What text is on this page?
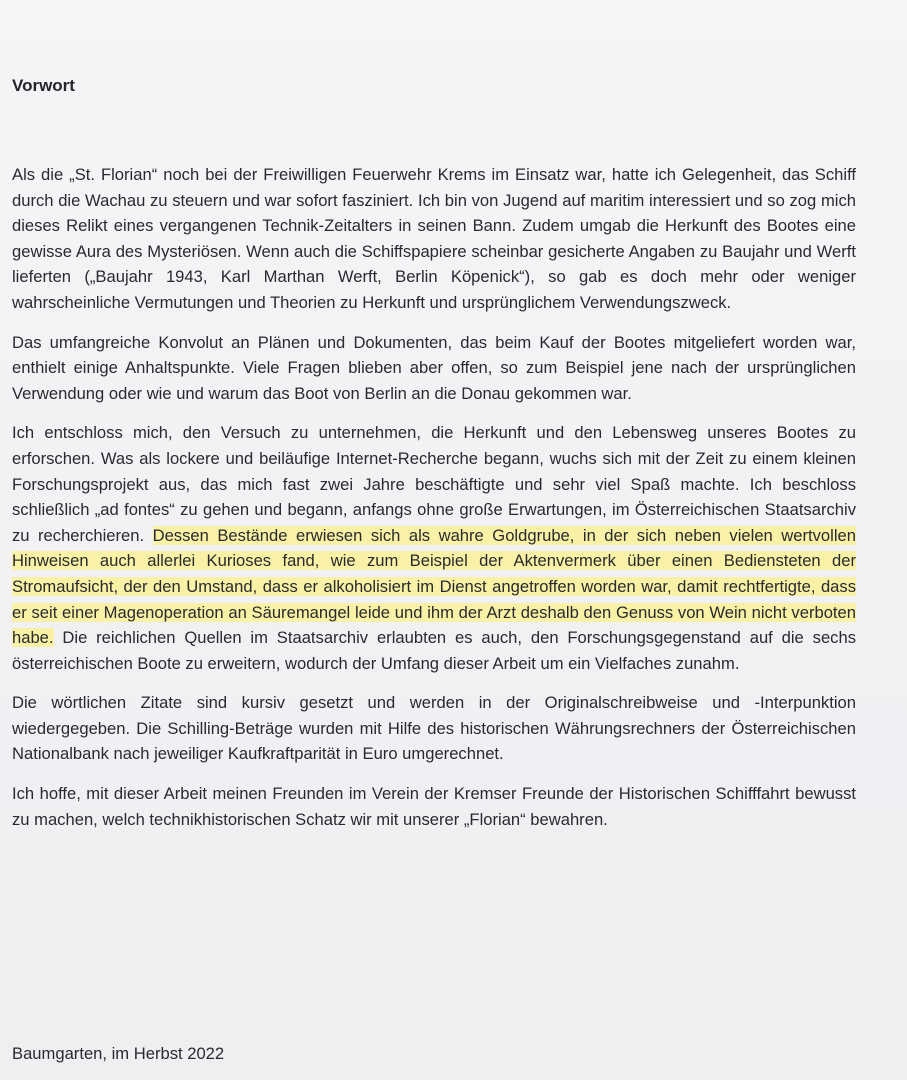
Vorwort

Als die „St. Florian“ noch bei der Freiwilligen Feuerwehr Krems im Einsatz war, hatte ich Gelegenheit, das Schiff durch die Wachau zu steuern und war sofort fasziniert. Ich bin von Jugend auf maritim interessiert und so zog mich dieses Relikt eines vergangenen Technik-Zeitalters in seinen Bann. Zudem umgab die Herkunft des Bootes eine gewisse Aura des Mysteriösen. Wenn auch die Schiffspapiere scheinbar gesicherte Angaben zu Baujahr und Werft lieferten („Baujahr 1943, Karl Marthan Werft, Berlin Köpenick“), so gab es doch mehr oder weniger wahrscheinliche Vermutungen und Theorien zu Herkunft und ursprünglichem Verwendungszweck.

Das umfangreiche Konvolut an Plänen und Dokumenten, das beim Kauf der Bootes mitgeliefert worden war, enthielt einige Anhaltspunkte. Viele Fragen blieben aber offen, so zum Beispiel jene nach der ursprünglichen Verwendung oder wie und warum das Boot von Berlin an die Donau gekommen war.

Ich entschloss mich, den Versuch zu unternehmen, die Herkunft und den Lebensweg unseres Bootes zu erforschen. Was als lockere und beiläufige Internet-Recherche begann, wuchs sich mit der Zeit zu einem kleinen Forschungsprojekt aus, das mich fast zwei Jahre beschäftigte und sehr viel Spaß machte. Ich beschloss schließlich „ad fontes“ zu gehen und begann, anfangs ohne große Erwartungen, im Österreichischen Staatsarchiv zu recherchieren. Dessen Bestände erwiesen sich als wahre Goldgrube, in der sich neben vielen wertvollen Hinweisen auch allerlei Kurioses fand, wie zum Beispiel der Aktenvermerk über einen Bediensteten der Stromaufsicht, der den Umstand, dass er alkoholisiert im Dienst angetroffen worden war, damit rechtfertigte, dass er seit einer Magenoperation an Säuremangel leide und ihm der Arzt deshalb den Genuss von Wein nicht verboten habe. Die reichlichen Quellen im Staatsarchiv erlaubten es auch, den Forschungsgegenstand auf die sechs österreichischen Boote zu erweitern, wodurch der Umfang dieser Arbeit um ein Vielfaches zunahm.

Die wörtlichen Zitate sind kursiv gesetzt und werden in der Originalschreibweise und -Interpunktion wiedergegeben. Die Schilling-Beträge wurden mit Hilfe des historischen Währungsrechners der Österreichischen Nationalbank nach jeweiliger Kaufkraftparität in Euro umgerechnet.

Ich hoffe, mit dieser Arbeit meinen Freunden im Verein der Kremser Freunde der Historischen Schifffahrt bewusst zu machen, welch technikhistorischen Schatz wir mit unserer „Florian“ bewahren.

Baumgarten, im Herbst 2022
